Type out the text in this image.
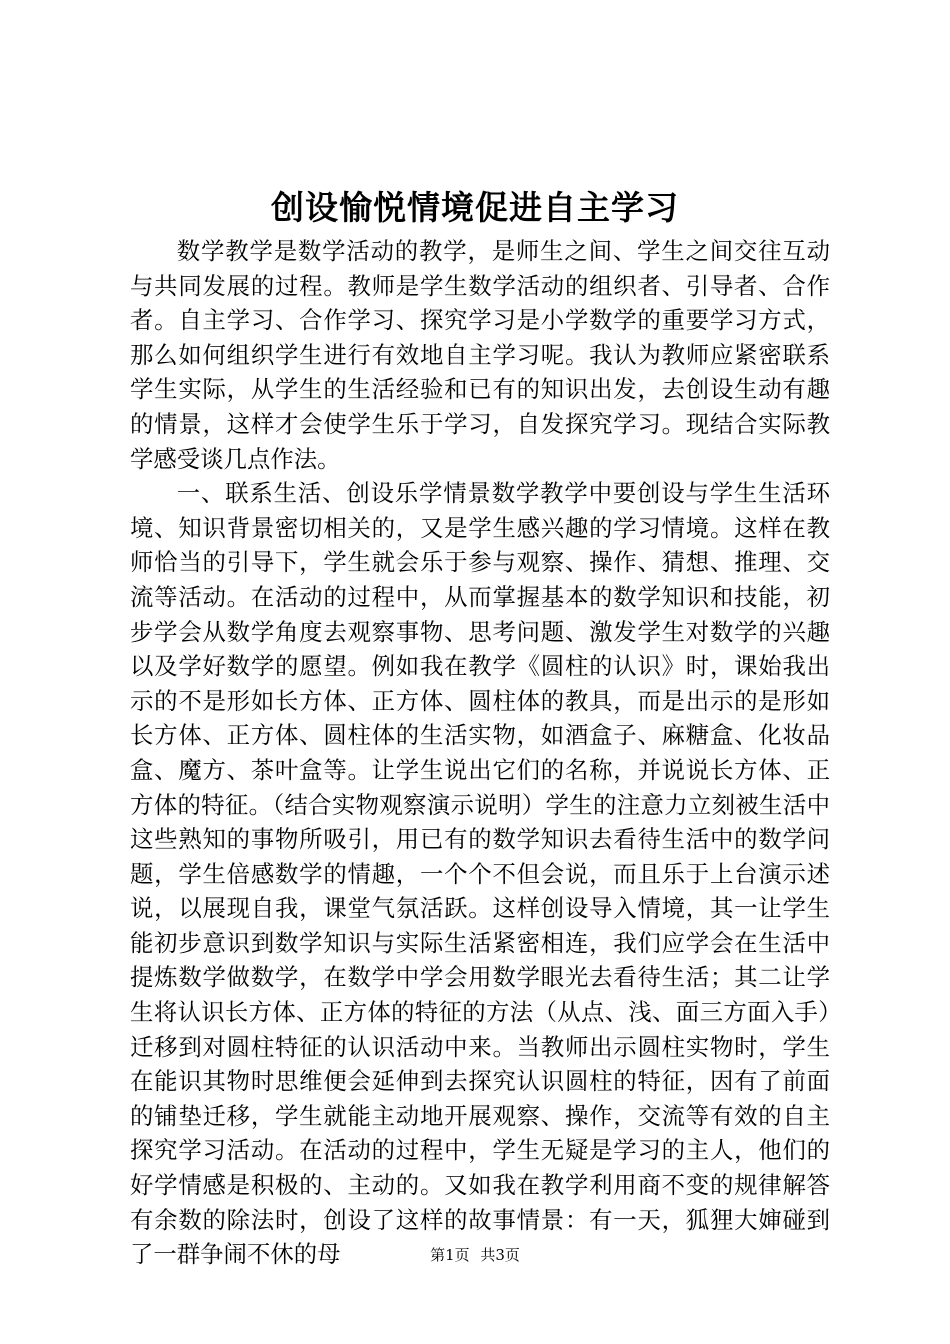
创设愉悦情境促进自主学习

数学教学是数学活动的教学，是师生之间、学生之间交往互动与共同发展的过程。教师是学生数学活动的组织者、引导者、合作者。自主学习、合作学习、探究学习是小学数学的重要学习方式，那么如何组织学生进行有效地自主学习呢。我认为教师应紧密联系学生实际，从学生的生活经验和已有的知识出发，去创设生动有趣的情景，这样才会使学生乐于学习，自发探究学习。现结合实际教学感受谈几点作法。

一、联系生活、创设乐学情景数学教学中要创设与学生生活环境、知识背景密切相关的，又是学生感兴趣的学习情境。这样在教师恰当的引导下，学生就会乐于参与观察、操作、猜想、推理、交流等活动。在活动的过程中，从而掌握基本的数学知识和技能，初步学会从数学角度去观察事物、思考问题、激发学生对数学的兴趣以及学好数学的愿望。例如我在教学《圆柱的认识》时，课始我出示的不是形如长方体、正方体、圆柱体的教具，而是出示的是形如长方体、正方体、圆柱体的生活实物，如酒盒子、麻糖盒、化妆品盒、魔方、茶叶盒等。让学生说出它们的名称，并说说长方体、正方体的特征。（结合实物观察演示说明）学生的注意力立刻被生活中这些熟知的事物所吸引，用已有的数学知识去看待生活中的数学问题，学生倍感数学的情趣，一个个不但会说，而且乐于上台演示述说，以展现自我，课堂气氛活跃。这样创设导入情境，其一让学生能初步意识到数学知识与实际生活紧密相连，我们应学会在生活中提炼数学做数学，在数学中学会用数学眼光去看待生活；其二让学生将认识长方体、正方体的特征的方法（从点、浅、面三方面入手）迁移到对圆柱特征的认识活动中来。当教师出示圆柱实物时，学生在能识其物时思维便会延伸到去探究认识圆柱的特征，因有了前面的铺垫迁移，学生就能主动地开展观察、操作，交流等有效的自主探究学习活动。在活动的过程中，学生无疑是学习的主人，他们的好学情感是积极的、主动的。又如我在教学利用商不变的规律解答有余数的除法时，创设了这样的故事情景：有一天，狐狸大婶碰到了一群争闹不休的母	第1页 共3页
